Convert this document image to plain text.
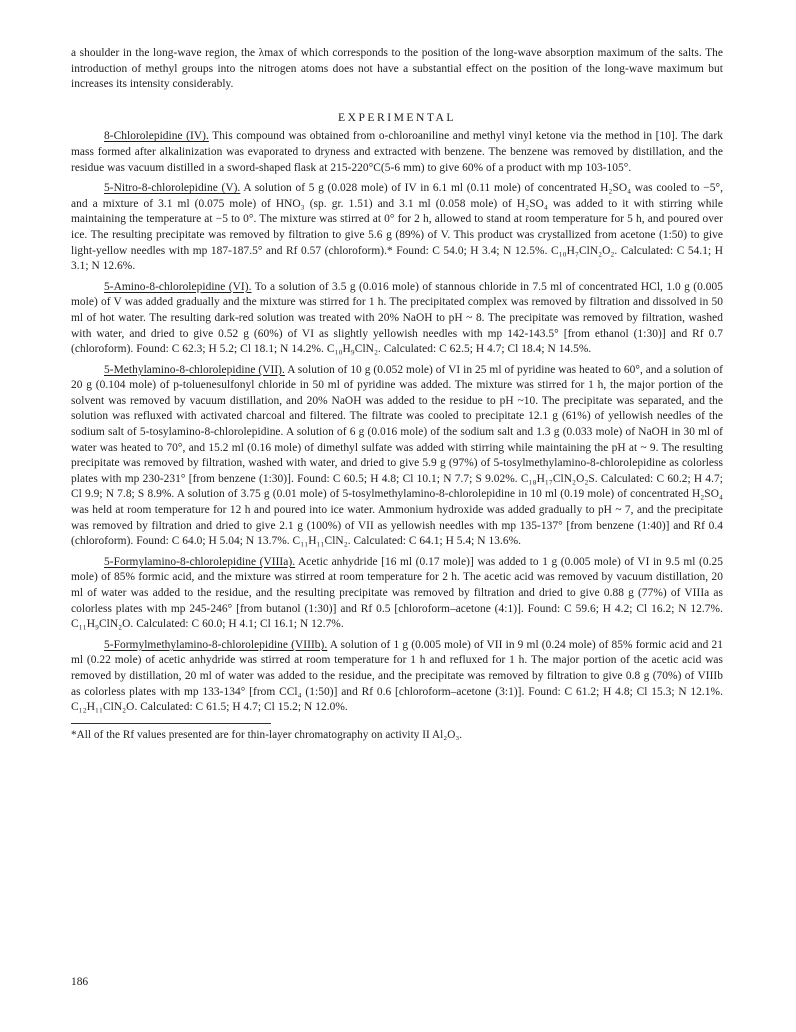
a shoulder in the long-wave region, the λmax of which corresponds to the position of the long-wave absorption maximum of the salts. The introduction of methyl groups into the nitrogen atoms does not have a substantial effect on the position of the long-wave maximum but increases its intensity considerably.

EXPERIMENTAL

8-Chlorolepidine (IV). This compound was obtained from o-chloroaniline and methyl vinyl ketone via the method in [10]. The dark mass formed after alkalinization was evaporated to dryness and extracted with benzene. The benzene was removed by distillation, and the residue was vacuum distilled in a sword-shaped flask at 215-220°C(5-6 mm) to give 60% of a product with mp 103-105°.

5-Nitro-8-chlorolepidine (V). A solution of 5 g (0.028 mole) of IV in 6.1 ml (0.11 mole) of concentrated H₂SO₄ was cooled to −5°, and a mixture of 3.1 ml (0.075 mole) of HNO₃ (sp. gr. 1.51) and 3.1 ml (0.058 mole) of H₂SO₄ was added to it with stirring while maintaining the temperature at −5 to 0°. The mixture was stirred at 0° for 2 h, allowed to stand at room temperature for 5 h, and poured over ice. The resulting precipitate was removed by filtration to give 5.6 g (89%) of V. This product was crystallized from acetone (1:50) to give light-yellow needles with mp 187-187.5° and Rf 0.57 (chloroform).* Found: C 54.0; H 3.4; N 12.5%. C₁₀H₇ClN₂O₂. Calculated: C 54.1; H 3.1; N 12.6%.

5-Amino-8-chlorolepidine (VI). To a solution of 3.5 g (0.016 mole) of stannous chloride in 7.5 ml of concentrated HCl, 1.0 g (0.005 mole) of V was added gradually and the mixture was stirred for 1 h. The precipitated complex was removed by filtration and dissolved in 50 ml of hot water. The resulting dark-red solution was treated with 20% NaOH to pH ~ 8. The precipitate was removed by filtration, washed with water, and dried to give 0.52 g (60%) of VI as slightly yellowish needles with mp 142-143.5° [from ethanol (1:30)] and Rf 0.7 (chloroform). Found: C 62.3; H 5.2; Cl 18.1; N 14.2%. C₁₀H₉ClN₂. Calculated: C 62.5; H 4.7; Cl 18.4; N 14.5%.

5-Methylamino-8-chlorolepidine (VII). A solution of 10 g (0.052 mole) of VI in 25 ml of pyridine was heated to 60°, and a solution of 20 g (0.104 mole) of p-toluenesulfonyl chloride in 50 ml of pyridine was added. The mixture was stirred for 1 h, the major portion of the solvent was removed by vacuum distillation, and 20% NaOH was added to the residue to pH ~10. The precipitate was separated, and the solution was refluxed with activated charcoal and filtered. The filtrate was cooled to precipitate 12.1 g (61%) of yellowish needles of the sodium salt of 5-tosylamino-8-chlorolepidine. A solution of 6 g (0.016 mole) of the sodium salt and 1.3 g (0.033 mole) of NaOH in 30 ml of water was heated to 70°, and 15.2 ml (0.16 mole) of dimethyl sulfate was added with stirring while maintaining the pH at ~ 9. The resulting precipitate was removed by filtration, washed with water, and dried to give 5.9 g (97%) of 5-tosylmethylamino-8-chlorolepidine as colorless plates with mp 230-231° [from benzene (1:30)]. Found: C 60.5; H 4.8; Cl 10.1; N 7.7; S 9.02%. C₁₈H₁₇ClN₂O₂S. Calculated: C 60.2; H 4.7; Cl 9.9; N 7.8; S 8.9%. A solution of 3.75 g (0.01 mole) of 5-tosylmethylamino-8-chlorolepidine in 10 ml (0.19 mole) of concentrated H₂SO₄ was held at room temperature for 12 h and poured into ice water. Ammonium hydroxide was added gradually to pH ~ 7, and the precipitate was removed by filtration and dried to give 2.1 g (100%) of VII as yellowish needles with mp 135-137° [from benzene (1:40)] and Rf 0.4 (chloroform). Found: C 64.0; H 5.04; N 13.7%. C₁₁H₁₁ClN₂. Calculated: C 64.1; H 5.4; N 13.6%.

5-Formylamino-8-chlorolepidine (VIIIa). Acetic anhydride [16 ml (0.17 mole)] was added to 1 g (0.005 mole) of VI in 9.5 ml (0.25 mole) of 85% formic acid, and the mixture was stirred at room temperature for 2 h. The acetic acid was removed by vacuum distillation, 20 ml of water was added to the residue, and the resulting precipitate was removed by filtration and dried to give 0.88 g (77%) of VIIIa as colorless plates with mp 245-246° [from butanol (1:30)] and Rf 0.5 [chloroform–acetone (4:1)]. Found: C 59.6; H 4.2; Cl 16.2; N 12.7%. C₁₁H₉ClN₂O. Calculated: C 60.0; H 4.1; Cl 16.1; N 12.7%.

5-Formylmethylamino-8-chlorolepidine (VIIIb). A solution of 1 g (0.005 mole) of VII in 9 ml (0.24 mole) of 85% formic acid and 21 ml (0.22 mole) of acetic anhydride was stirred at room temperature for 1 h and refluxed for 1 h. The major portion of the acetic acid was removed by distillation, 20 ml of water was added to the residue, and the precipitate was removed by filtration to give 0.8 g (70%) of VIIIb as colorless plates with mp 133-134° [from CCl₄ (1:50)] and Rf 0.6 [chloroform–acetone (3:1)]. Found: C 61.2; H 4.8; Cl 15.3; N 12.1%. C₁₂H₁₁ClN₂O. Calculated: C 61.5; H 4.7; Cl 15.2; N 12.0%.

*All of the Rf values presented are for thin-layer chromatography on activity II Al₂O₃.

186
